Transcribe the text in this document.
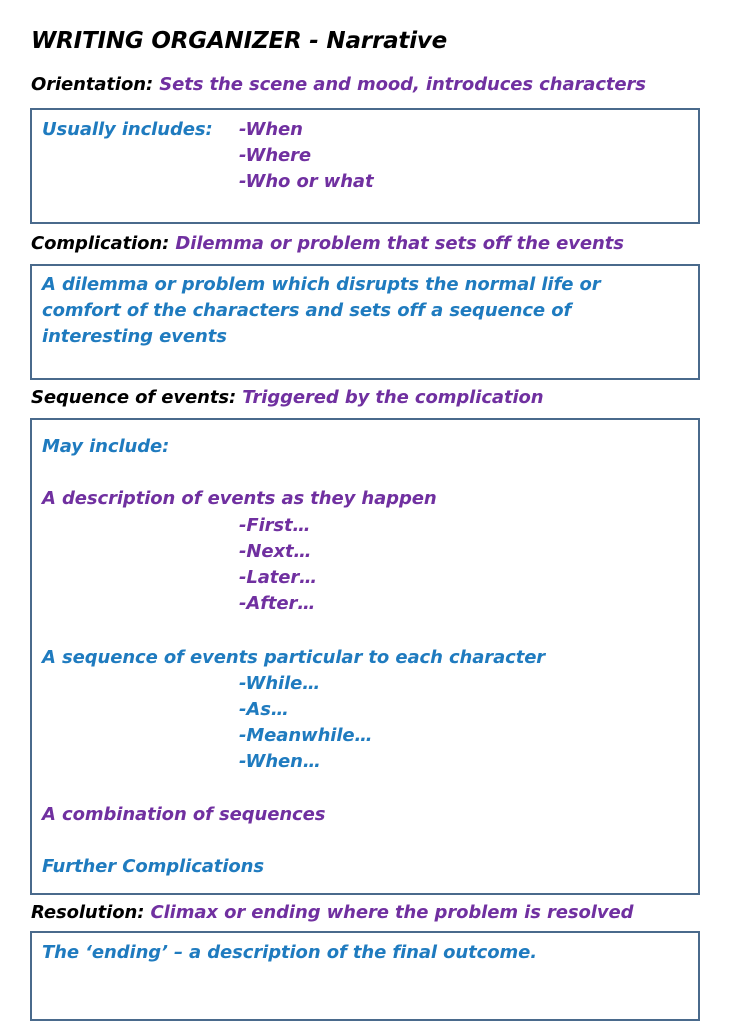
WRITING ORGANIZER - Narrative
Orientation: Sets the scene and mood, introduces characters
Usually includes: -When
-Where
-Who or what
Complication: Dilemma or problem that sets off the events
A dilemma or problem which disrupts the normal life or
comfort of the characters and sets off a sequence of
interesting events
Sequence of events: Triggered by the complication
May include:
A description of events as they happen
-First…
-Next…
-Later…
-After…
A sequence of events particular to each character
-While…
-As…
-Meanwhile…
-When…
A combination of sequences
Further Complications
Resolution: Climax or ending where the problem is resolved
The ‘ending’ – a description of the final outcome.
